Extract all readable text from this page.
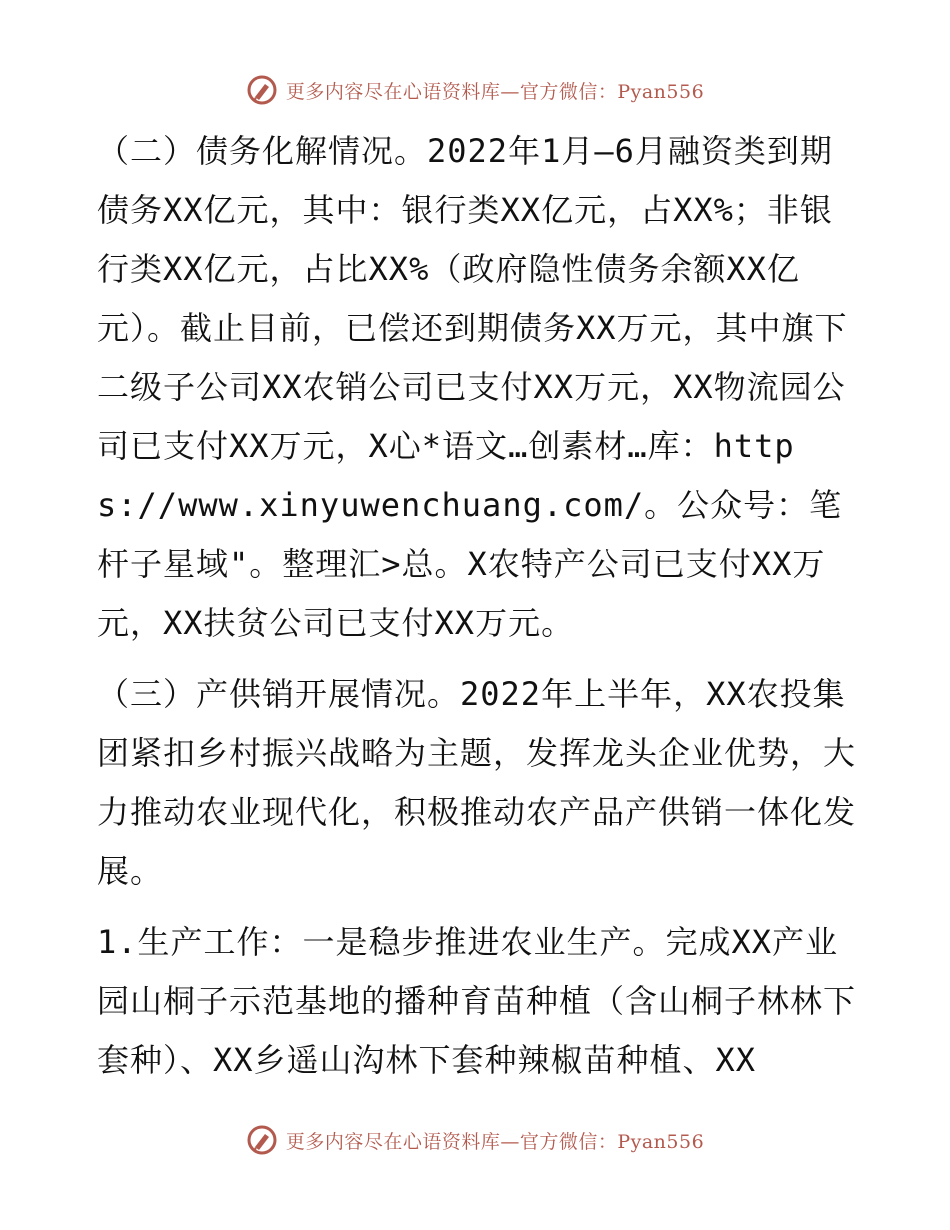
更多内容尽在心语资料库—官方微信：Pyan556

（二）债务化解情况。2022年1月—6月融资类到期债务XX亿元，其中：银行类XX亿元，占XX%；非银行类XX亿元，占比XX%（政府隐性债务余额XX亿元）。截止目前，已偿还到期债务XX万元，其中旗下二级子公司XX农销公司已支付XX万元，XX物流园公司已支付XX万元，X心*语文…创素材…库：https://www.xinyuwenchuang.com/。公众号：笔杆子星域"。整理汇>总。X农特产公司已支付XX万元，XX扶贫公司已支付XX万元。

（三）产供销开展情况。2022年上半年，XX农投集团紧扣乡村振兴战略为主题，发挥龙头企业优势，大力推动农业现代化，积极推动农产品产供销一体化发展。

1.生产工作：一是稳步推进农业生产。完成XX产业园山桐子示范基地的播种育苗种植（含山桐子林林下套种）、XX乡遥山沟林下套种辣椒苗种植、XX

更多内容尽在心语资料库—官方微信：Pyan556
